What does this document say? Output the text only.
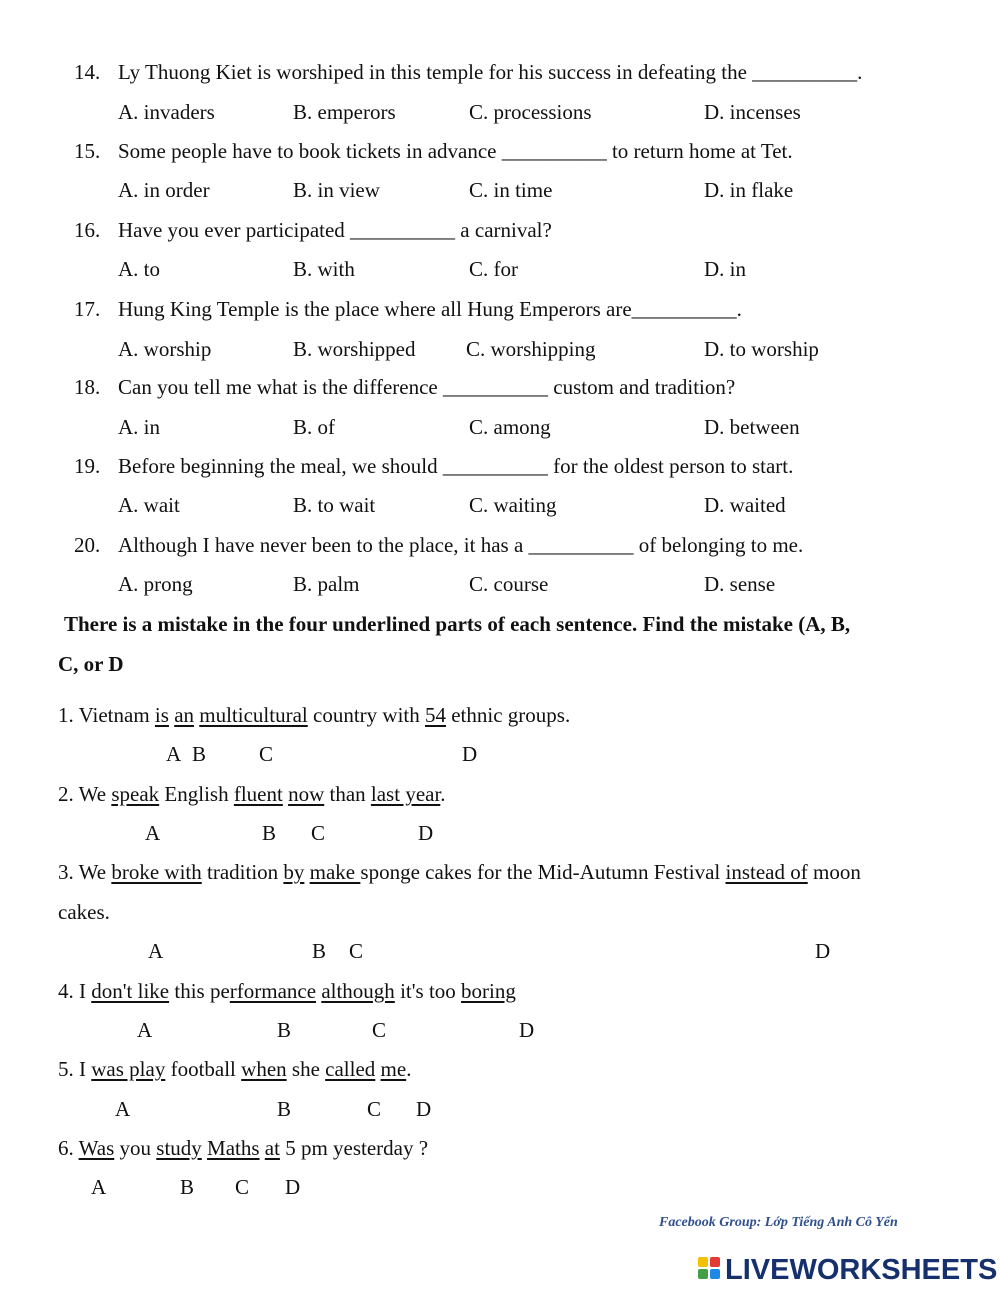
14. Ly Thuong Kiet is worshiped in this temple for his success in defeating the __________.
A. invaders	B. emperors	C. processions	D. incenses
15. Some people have to book tickets in advance __________ to return home at Tet.
A. in order	B. in view	C. in time	D. in flake
16. Have you ever participated __________ a carnival?
A. to	B. with	C. for	D. in
17. Hung King Temple is the place where all Hung Emperors are__________.
A. worship	B. worshipped C. worshipping	D. to worship
18. Can you tell me what is the difference __________ custom and tradition?
A. in	B. of	C. among	D. between
19. Before beginning the meal, we should __________ for the oldest person to start.
A. wait	B. to wait	C. waiting	D. waited
20. Although I have never been to the place, it has a __________ of belonging to me.
A. prong	B. palm	C. course	D. sense
There is a mistake in the four underlined parts of each sentence. Find the mistake (A, B,
C, or D
1. Vietnam is an multicultural country with 54 ethnic groups.
A B	C	D
2. We speak English fluent now than last year.
A	B C	D
3. We broke with tradition by make sponge cakes for the Mid-Autumn Festival instead of moon
cakes.
A	B C	D
4. I don't like this performance although it's too boring
A	B	C	D
5. I was play football when she called me.
A	B	C D
6. Was you study Maths at 5 pm yesterday ?
A	B C D
Facebook Group: Lớp Tiếng Anh Cô Yến
LIVEWORKSHEETS
